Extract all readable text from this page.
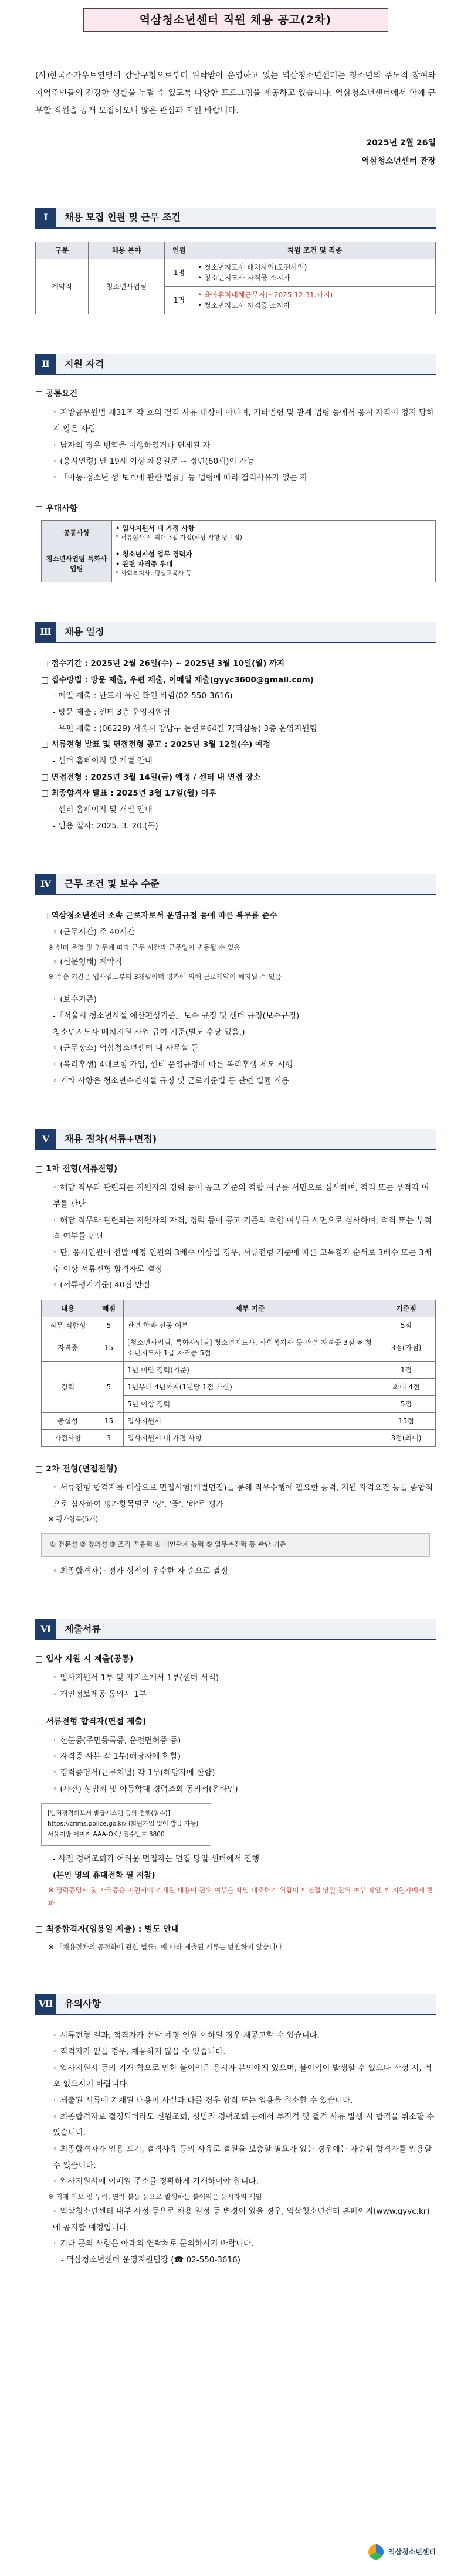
역삼청소년센터 직원 채용 공고(2차)

(사)한국스카우트연맹이 강남구청으로부터 위탁받아 운영하고 있는 역삼청소년센터는 청소년의 주도적 참여와 지역주민들의 건강한 생활을 누릴 수 있도록 다양한 프로그램을 제공하고 있습니다. 역삼청소년센터에서 함께 근무할 직원을 공개 모집하오니 많은 관심과 지원 바랍니다.

2025년 2월 26일
역삼청소년센터 관장
Ⅰ	채용 모집 인원 및 근무 조건
구분	채용 분야	인원	지원 조건 및 직종
계약직	청소년사업팀	1명	• 청소년지도사 배치사업(오전사업)
• 청소년지도사 자격증 소지자

		1명	• 육아휴직대체근무자(~2025.12.31.까지)
• 청소년지도사 자격증 소지자
Ⅱ	지원 자격
□ 공통요건
◦ 지방공무원법 제31조 각 호의 결격 사유 대상이 아니며, 기타법령 및 관계 법령 등에서 응시 자격이 정지 당하지 않은 사람
◦ 남자의 경우 병역을 이행하였거나 면제된 자
◦ (응시연령) 만 19세 이상 채용일로 ~ 정년(60세)이 가능
◦ 「아동·청소년 성 보호에 관한 법률」등 법령에 따라 결격사유가 없는 자
□ 우대사항
공통사항	• 입사지원서 내 가점 사항
* 서류심사 시 최대 3점 가점(해당 사항 당 1점)

청소년사업팀 특화사업팀	• 청소년시설 업무 경력자
• 관련 자격증 우대
* 사회복지사, 평생교육사 등
Ⅲ	채용 일정
□ 접수기간 : 2025년 2월 26일(수) ~ 2025년 3월 10일(월) 까지
□ 접수방법 : 방문 제출, 우편 제출, 이메일 제출(gyyc3600@gmail.com)
- 메일 제출 : 반드시 유선 확인 바람(02-550-3616)
- 방문 제출 : 센터 3층 운영지원팀
- 우편 제출 : (06229) 서울시 강남구 논현로64길 7(역삼동) 3층 운영지원팀
□ 서류전형 발표 및 면접전형 공고 : 2025년 3월 12일(수) 예정
- 센터 홈페이지 및 개별 안내
□ 면접전형 : 2025년 3월 14일(금) 예정 / 센터 내 면접 장소
□ 최종합격자 발표 : 2025년 3월 17일(월) 이후
- 센터 홈페이지 및 개별 안내
- 임용 일자: 2025. 3. 20.(목)
Ⅳ	근무 조건 및 보수 수준
□ 역삼청소년센터 소속 근로자로서 운영규정 등에 따른 복무를 준수
◦ (근무시간) 주 40시간
※ 센터 운영 및 업무에 따라 근무 시간과 근무일이 변동될 수 있음
◦ (신분형태) 계약직
※ 수습 기간은 입사일로부터 3개월이며 평가에 의해 근로계약이 해지될 수 있음
◦ (보수기준)
-「서울시 청소년시설 예산편성기준」보수 규정 및 센터 규정(보수규정)
청소년지도사 배치지원 사업 급여 기준(별도 수당 있음.)
◦ (근무장소) 역삼청소년센터 내 사무실 등
◦ (복리후생) 4대보험 가입, 센터 운영규정에 따른 복리후생 제도 시행
◦ 기타 사항은 청소년수련시설 규정 및 근로기준법 등 관련 법률 적용
Ⅴ	채용 절차(서류+면접)
□ 1차 전형(서류전형)
◦ 해당 직무와 관련되는 지원자의 경력 등이 공고 기준의 적합 여부를 서면으로 심사하며, 적격 또는 부적격 여부를 판단
◦ 해당 직무와 관련되는 지원자의 자격, 경력 등이 공고 기준의 적합 여부를 서면으로 심사하며, 적격 또는 부적격 여부를 판단
◦ 단, 응시인원이 선발 예정 인원의 3배수 이상일 경우, 서류전형 기준에 따른 고득점자 순서로 3배수 또는 3배수 이상 서류전형 합격자로 결정
◦ (서류평가기준) 40점 만점
내용	배점	세부 기준	기준점
직무 적합성	5	관련 학과 전공 여부	5점
자격증	15	[청소년사업팀, 특화사업팀] 청소년지도사, 사회복지사 등 관련 자격증 3점 ※ 청소년지도사 1급 자격증 5점	3점(가점)
경력	5	1년 미만 경력(기준)	1점
		1년부터 4년까지(1년당 1점 가산)	최대 4점
		5년 이상 경력	5점
충실성	15	입사지원서	15점
가점사항	3	입사지원서 내 가점 사항	3점(최대)
□ 2차 전형(면접전형)
◦ 서류전형 합격자를 대상으로 면접시험(개별면접)을 통해 직무수행에 필요한 능력, 지원 자격요건 등을 종합적으로 심사하여 평가항목별로 '상', '중', '하'로 평가
※ 평가항목(5개)
① 전문성 ② 창의성 ③ 조직 적응력 ④ 대인관계 능력 ⑤ 업무추진력 등 판단 기준
◦ 최종합격자는 평가 성적이 우수한 자 순으로 결정
Ⅵ	제출서류
□ 입사 지원 시 제출(공통)
◦ 입사지원서 1부 및 자기소개서 1부(센터 서식)
◦ 개인정보제공 동의서 1부
□ 서류전형 합격자(면접 제출)
◦ 신분증(주민등록증, 운전면허증 등)
◦ 자격증 사본 각 1부(해당자에 한함)
◦ 경력증명서(근무처별) 각 1부(해당자에 한함)
◦ (사전) 성범죄 및 아동학대 경력조회 동의서(온라인)
[범죄경력회보서 발급시스템 동의 진행(필수)]
https://crims.police.go.kr/ (회원가입 없이 발급 가능)
서울지방 이미지 AAA-OK / 접수번호 3800
- 사전 경력조회가 어려운 면접자는 면접 당일 센터에서 진행
(본인 명의 휴대전화 필 지참)
※ 경력증명서 및 자격증은 지원서에 기재된 내용이 진위 여부를 확인 대조하기 위함이며 면접 당일 진위 여부 확인 후 지원자에게 반환
□ 최종합격자(임용일 제출) : 별도 안내
※ 「채용절차의 공정화에 관한 법률」에 따라 제출된 서류는 반환하지 않습니다.
Ⅶ	유의사항
◦ 서류전형 결과, 적격자가 선발 예정 인원 이하일 경우 재공고할 수 있습니다.
◦ 적격자가 없을 경우, 재응하지 않을 수 있습니다.
◦ 입사지원서 등의 기재 착오로 인한 불이익은 응시자 본인에게 있으며, 불이익이 발생할 수 있으나 작성 시, 적오 없으시기 바랍니다.
◦ 제출된 서류에 기재된 내용이 사실과 다를 경우 합격 또는 임용을 취소할 수 있습니다.
◦ 최종합격자로 결정되더라도 신원조회, 성범죄 경력조회 등에서 부적격 및 결격 사유 발생 시 합격을 취소할 수 있습니다.
◦ 최종합격자가 임용 포기, 결격사유 등의 사유로 결원을 보충할 필요가 있는 경우에는 차순위 합격자를 임용할 수 있습니다.
◦ 입사지원서에 이메일 주소를 정확하게 기재하여야 합니다.
※ 기재 착오 및 누락, 연락 불능 등으로 발생하는 불이익은 응시자의 책임
◦ 역삼청소년센터 내부 사정 등으로 채용 일정 등 변경이 있을 경우, 역삼청소년센터 홈페이지(www.gyyc.kr)에 공지할 예정입니다.
◦ 기타 문의 사항은 아래의 연락처로 문의하시기 바랍니다.
- 역삼청소년센터 운영지원팀장 (☎ 02-550-3616)
역삼청소년센터
